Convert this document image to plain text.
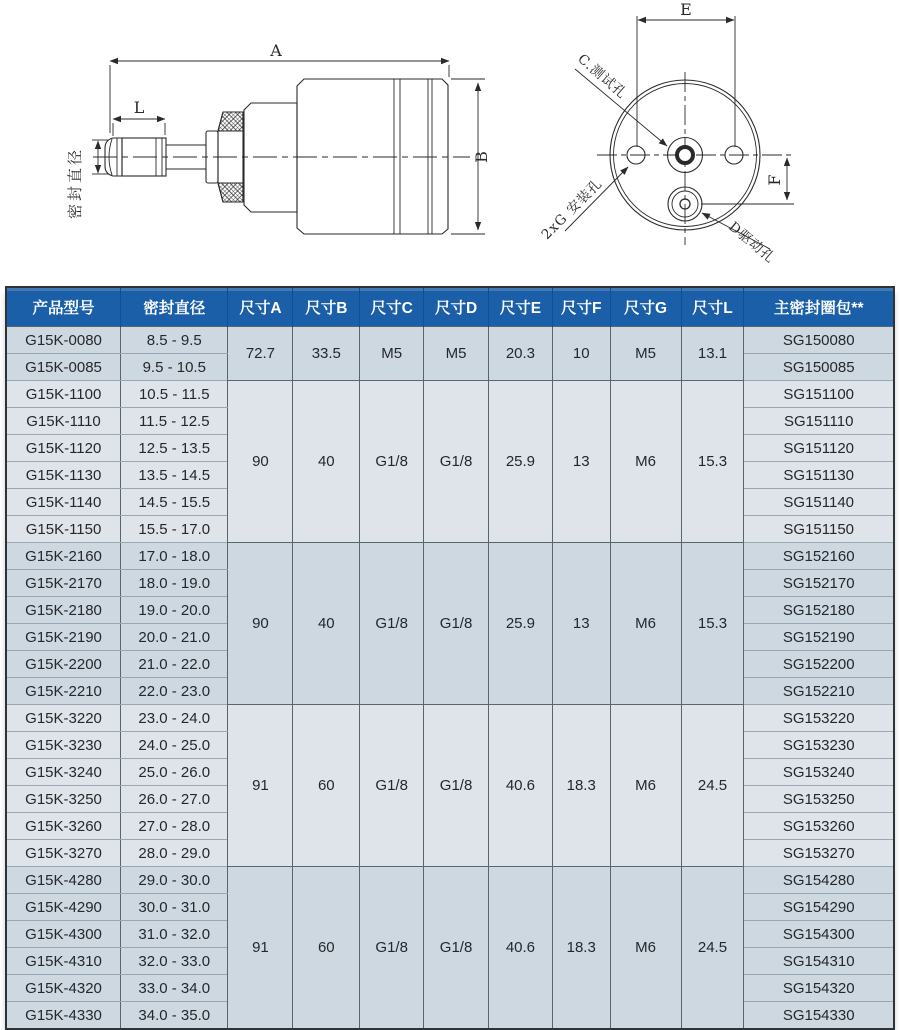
A
L
B
密封直径
E
F
C.测试孔
2xG 安装孔	D驱动孔
产品型号	密封直径	尺寸A	尺寸B	尺寸C	尺寸D	尺寸E	尺寸F	尺寸G	尺寸L	主密封圈包**
G15K-0080	8.5 - 9.5	72.7	33.5	M5	M5	20.3	10	M5	13.1	SG150080
G15K-0085	9.5 - 10.5									SG150085
G15K-1100	10.5 - 11.5	90	40	G1/8	G1/8	25.9	13	M6	15.3	SG151100
G15K-1110	11.5 - 12.5									SG151110
G15K-1120	12.5 - 13.5									SG151120
G15K-1130	13.5 - 14.5									SG151130
G15K-1140	14.5 - 15.5									SG151140
G15K-1150	15.5 - 17.0									SG151150
G15K-2160	17.0 - 18.0	90	40	G1/8	G1/8	25.9	13	M6	15.3	SG152160
G15K-2170	18.0 - 19.0									SG152170
G15K-2180	19.0 - 20.0									SG152180
G15K-2190	20.0 - 21.0									SG152190
G15K-2200	21.0 - 22.0									SG152200
G15K-2210	22.0 - 23.0									SG152210
G15K-3220	23.0 - 24.0	91	60	G1/8	G1/8	40.6	18.3	M6	24.5	SG153220
G15K-3230	24.0 - 25.0									SG153230
G15K-3240	25.0 - 26.0									SG153240
G15K-3250	26.0 - 27.0									SG153250
G15K-3260	27.0 - 28.0									SG153260
G15K-3270	28.0 - 29.0									SG153270
G15K-4280	29.0 - 30.0	91	60	G1/8	G1/8	40.6	18.3	M6	24.5	SG154280
G15K-4290	30.0 - 31.0									SG154290
G15K-4300	31.0 - 32.0									SG154300
G15K-4310	32.0 - 33.0									SG154310
G15K-4320	33.0 - 34.0									SG154320
G15K-4330	34.0 - 35.0									SG154330
